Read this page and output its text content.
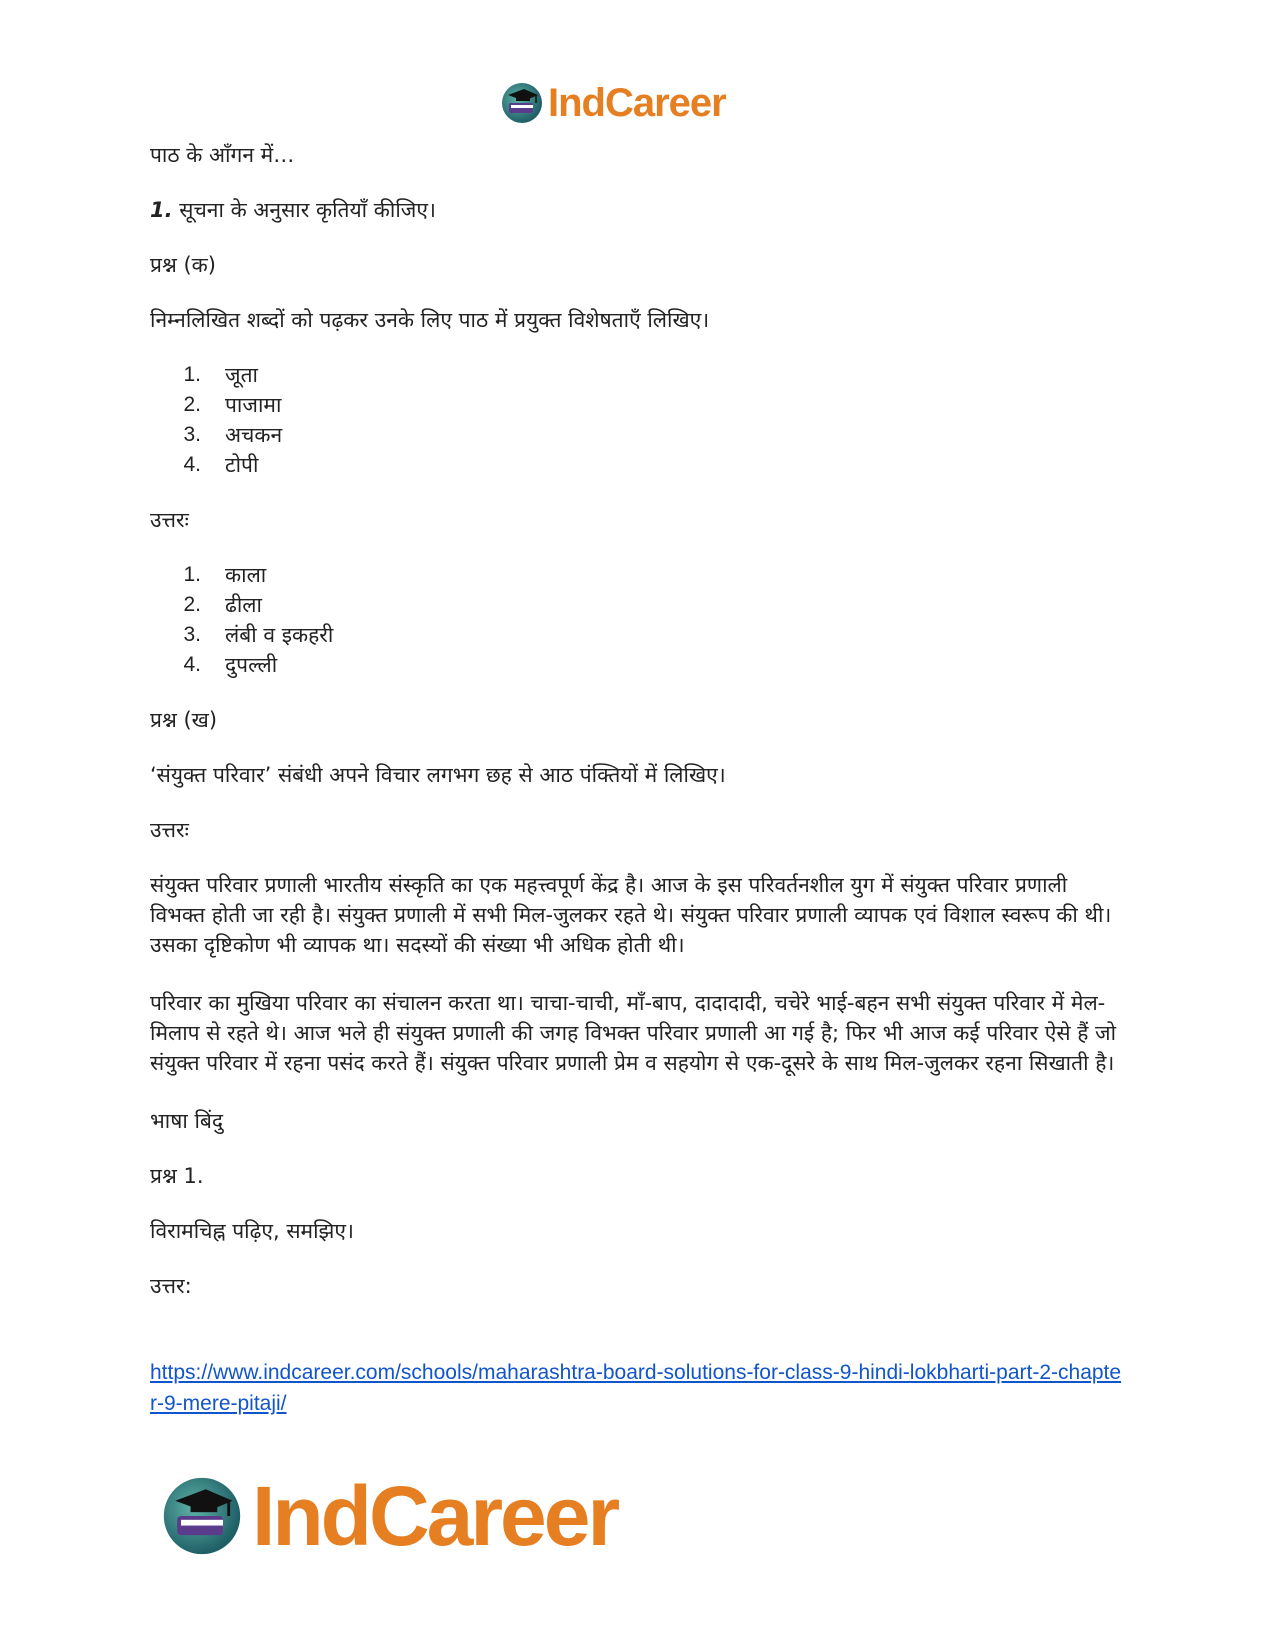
IndCareer

पाठ के आँगन में…

1. सूचना के अनुसार कृतियाँ कीजिए।

प्रश्न (क)

निम्नलिखित शब्दों को पढ़कर उनके लिए पाठ में प्रयुक्त विशेषताएँ लिखिए।

1.	जूता
2.	पाजामा
3.	अचकन
4.	टोपी

उत्तरः

1.	काला
2.	ढीला
3.	लंबी व इकहरी
4.	दुपल्ली

प्रश्न (ख)

‘संयुक्त परिवार’ संबंधी अपने विचार लगभग छह से आठ पंक्तियों में लिखिए।

उत्तरः

संयुक्त परिवार प्रणाली भारतीय संस्कृति का एक महत्त्वपूर्ण केंद्र है। आज के इस परिवर्तनशील युग में संयुक्त परिवार प्रणाली विभक्त होती जा रही है। संयुक्त प्रणाली में सभी मिल-जुलकर रहते थे। संयुक्त परिवार प्रणाली व्यापक एवं विशाल स्वरूप की थी। उसका दृष्टिकोण भी व्यापक था। सदस्यों की संख्या भी अधिक होती थी।

परिवार का मुखिया परिवार का संचालन करता था। चाचा-चाची, माँ-बाप, दादादादी, चचेरे भाई-बहन सभी संयुक्त परिवार में मेल-मिलाप से रहते थे। आज भले ही संयुक्त प्रणाली की जगह विभक्त परिवार प्रणाली आ गई है; फिर भी आज कई परिवार ऐसे हैं जो संयुक्त परिवार में रहना पसंद करते हैं। संयुक्त परिवार प्रणाली प्रेम व सहयोग से एक-दूसरे के साथ मिल-जुलकर रहना सिखाती है।

भाषा बिंदु

प्रश्न 1.

विरामचिह्न पढ़िए, समझिए।

उत्तर:

https://www.indcareer.com/schools/maharashtra-board-solutions-for-class-9-hindi-lokbharti-part-2-chapter-9-mere-pitaji/
IndCareer
